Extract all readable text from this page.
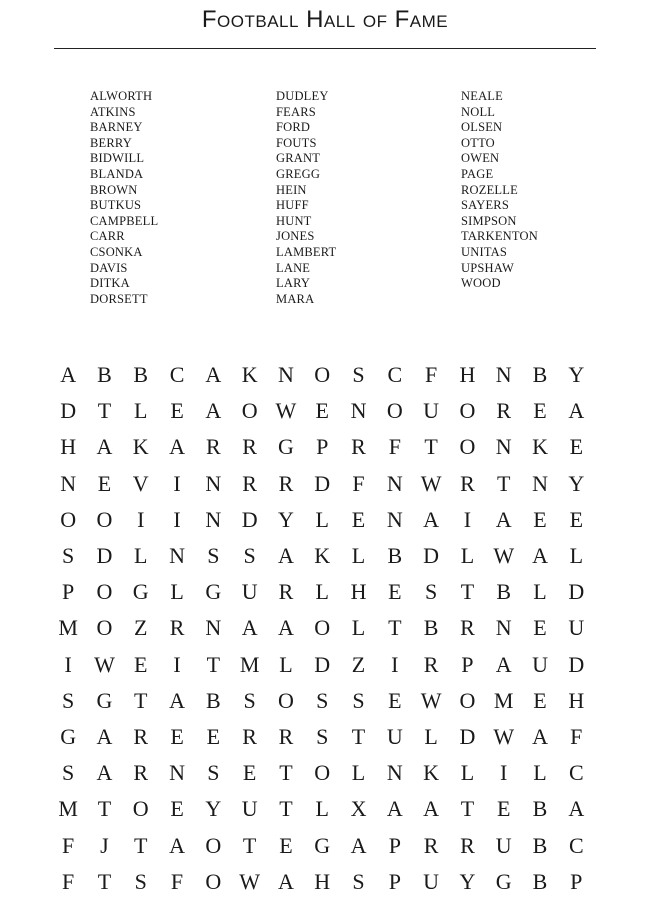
Football Hall of Fame
ALWORTH
ATKINS
BARNEY
BERRY
BIDWILL
BLANDA
BROWN
BUTKUS
CAMPBELL
CARR
CSONKA
DAVIS
DITKA
DORSETT
DUDLEY
FEARS
FORD
FOUTS
GRANT
GREGG
HEIN
HUFF
HUNT
JONES
LAMBERT
LANE
LARY
MARA
NEALE
NOLL
OLSEN
OTTO
OWEN
PAGE
ROZELLE
SAYERS
SIMPSON
TARKENTON
UNITAS
UPSHAW
WOOD
A B B C A K N O	S	C	F	H N B Y
D T	L	E A O W E N O U O R	E A
H A K A R R G	P	R	F	T O N K E
N E V	I	N R R D	F	N W R	T N Y
O O	I	I	N D Y L	E N A	I	A E	E
S	D L N	S	S	A K L	B D L W A L
P	O G L G U R	L H E	S	T	B	L D
M O Z	R N A A O L	T	B R N E U
I	W E	I	T M L D Z	I	R	P	A U D
S	G T A B	S	O	S	S	E W O M E H
G A R	E	E	R R	S	T U L D W A	F
S	A R N	S	E	T O L N K L	I	L	C
M T O E Y U T	L X A A T	E	B A
F	J	T A O T	E G A	P	R R U B C
F	T	S	F	O W A H	S	P	U Y G B	P
